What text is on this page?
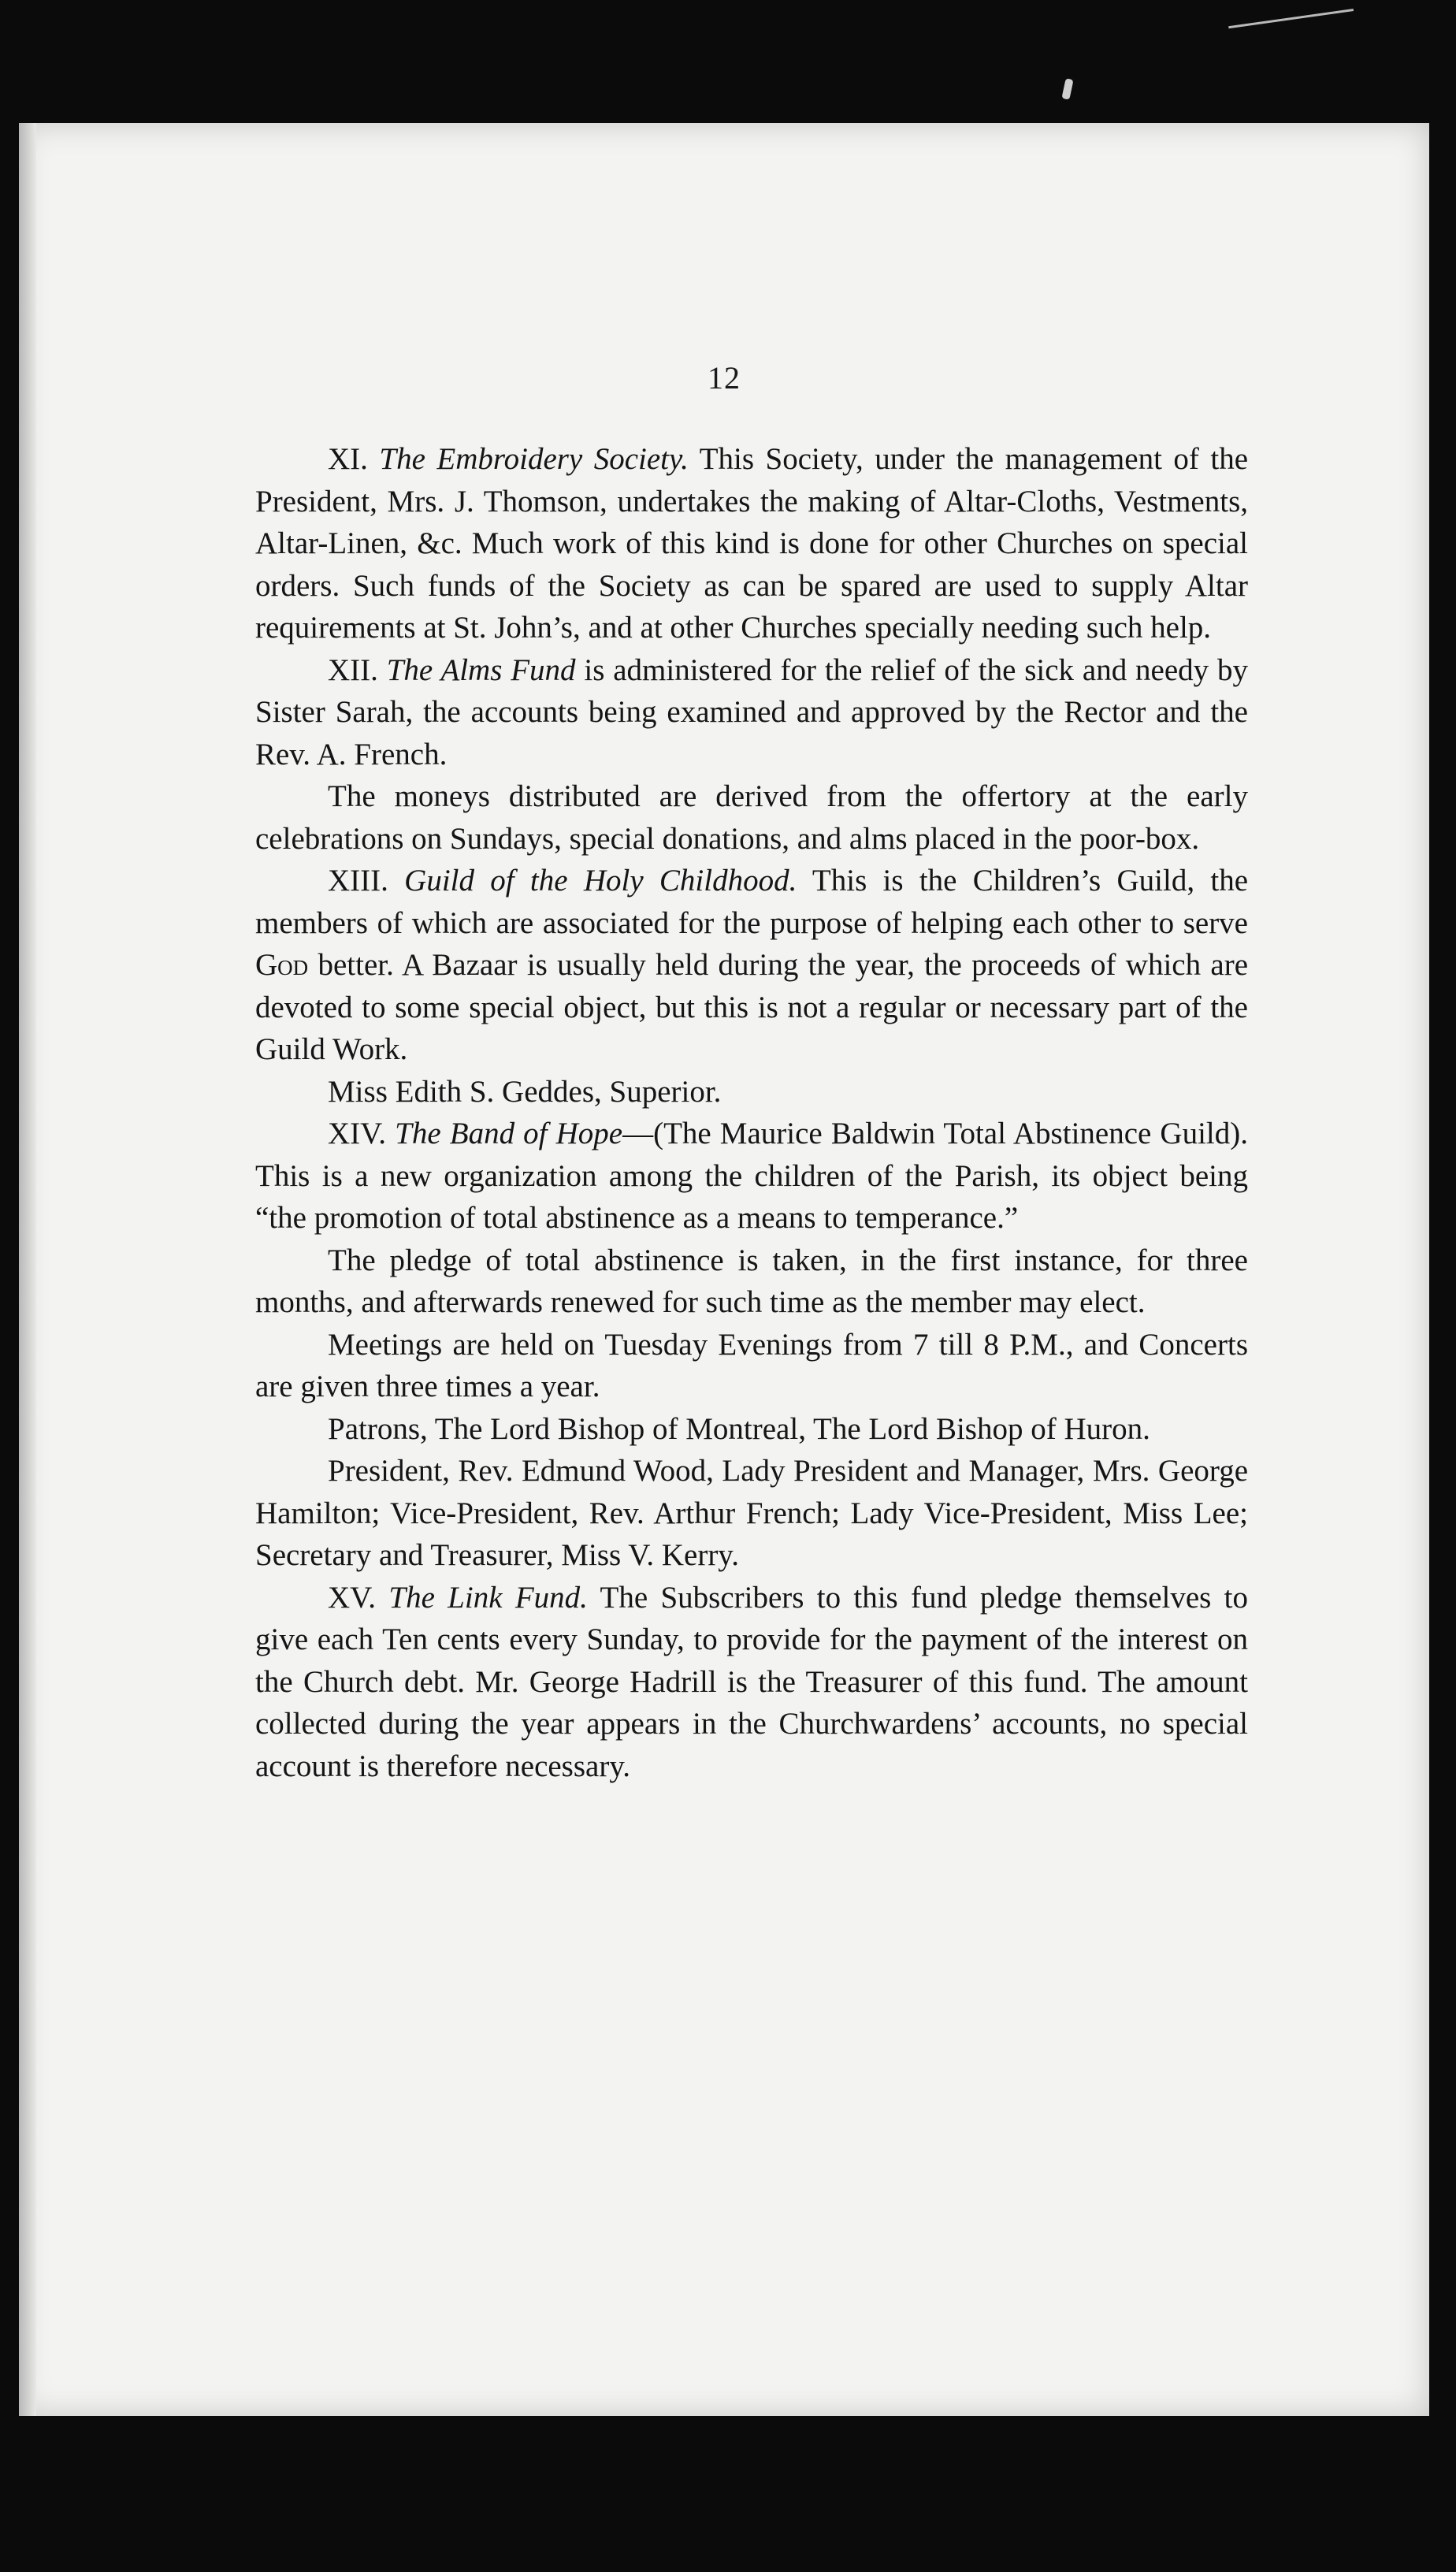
12

XI. The Embroidery Society. This Society, under the management of the President, Mrs. J. Thomson, undertakes the making of Altar-Cloths, Vestments, Altar-Linen, &c. Much work of this kind is done for other Churches on special orders. Such funds of the Society as can be spared are used to supply Altar requirements at St. John’s, and at other Churches specially needing such help.

XII. The Alms Fund is administered for the relief of the sick and needy by Sister Sarah, the accounts being examined and approved by the Rector and the Rev. A. French.

The moneys distributed are derived from the offertory at the early celebrations on Sundays, special donations, and alms placed in the poor-box.

XIII. Guild of the Holy Childhood. This is the Children’s Guild, the members of which are associated for the purpose of helping each other to serve God better. A Bazaar is usually held during the year, the proceeds of which are devoted to some special object, but this is not a regular or necessary part of the Guild Work.

Miss Edith S. Geddes, Superior.

XIV. The Band of Hope—(The Maurice Baldwin Total Abstinence Guild). This is a new organization among the children of the Parish, its object being “the promotion of total abstinence as a means to temperance.”

The pledge of total abstinence is taken, in the first instance, for three months, and afterwards renewed for such time as the member may elect.

Meetings are held on Tuesday Evenings from 7 till 8 P.M., and Concerts are given three times a year.

Patrons, The Lord Bishop of Montreal, The Lord Bishop of Huron.

President, Rev. Edmund Wood, Lady President and Manager, Mrs. George Hamilton; Vice-President, Rev. Arthur French; Lady Vice-President, Miss Lee; Secretary and Treasurer, Miss V. Kerry.

XV. The Link Fund. The Subscribers to this fund pledge themselves to give each Ten cents every Sunday, to provide for the payment of the interest on the Church debt. Mr. George Hadrill is the Treasurer of this fund. The amount collected during the year appears in the Churchwardens’ accounts, no special account is therefore necessary.
